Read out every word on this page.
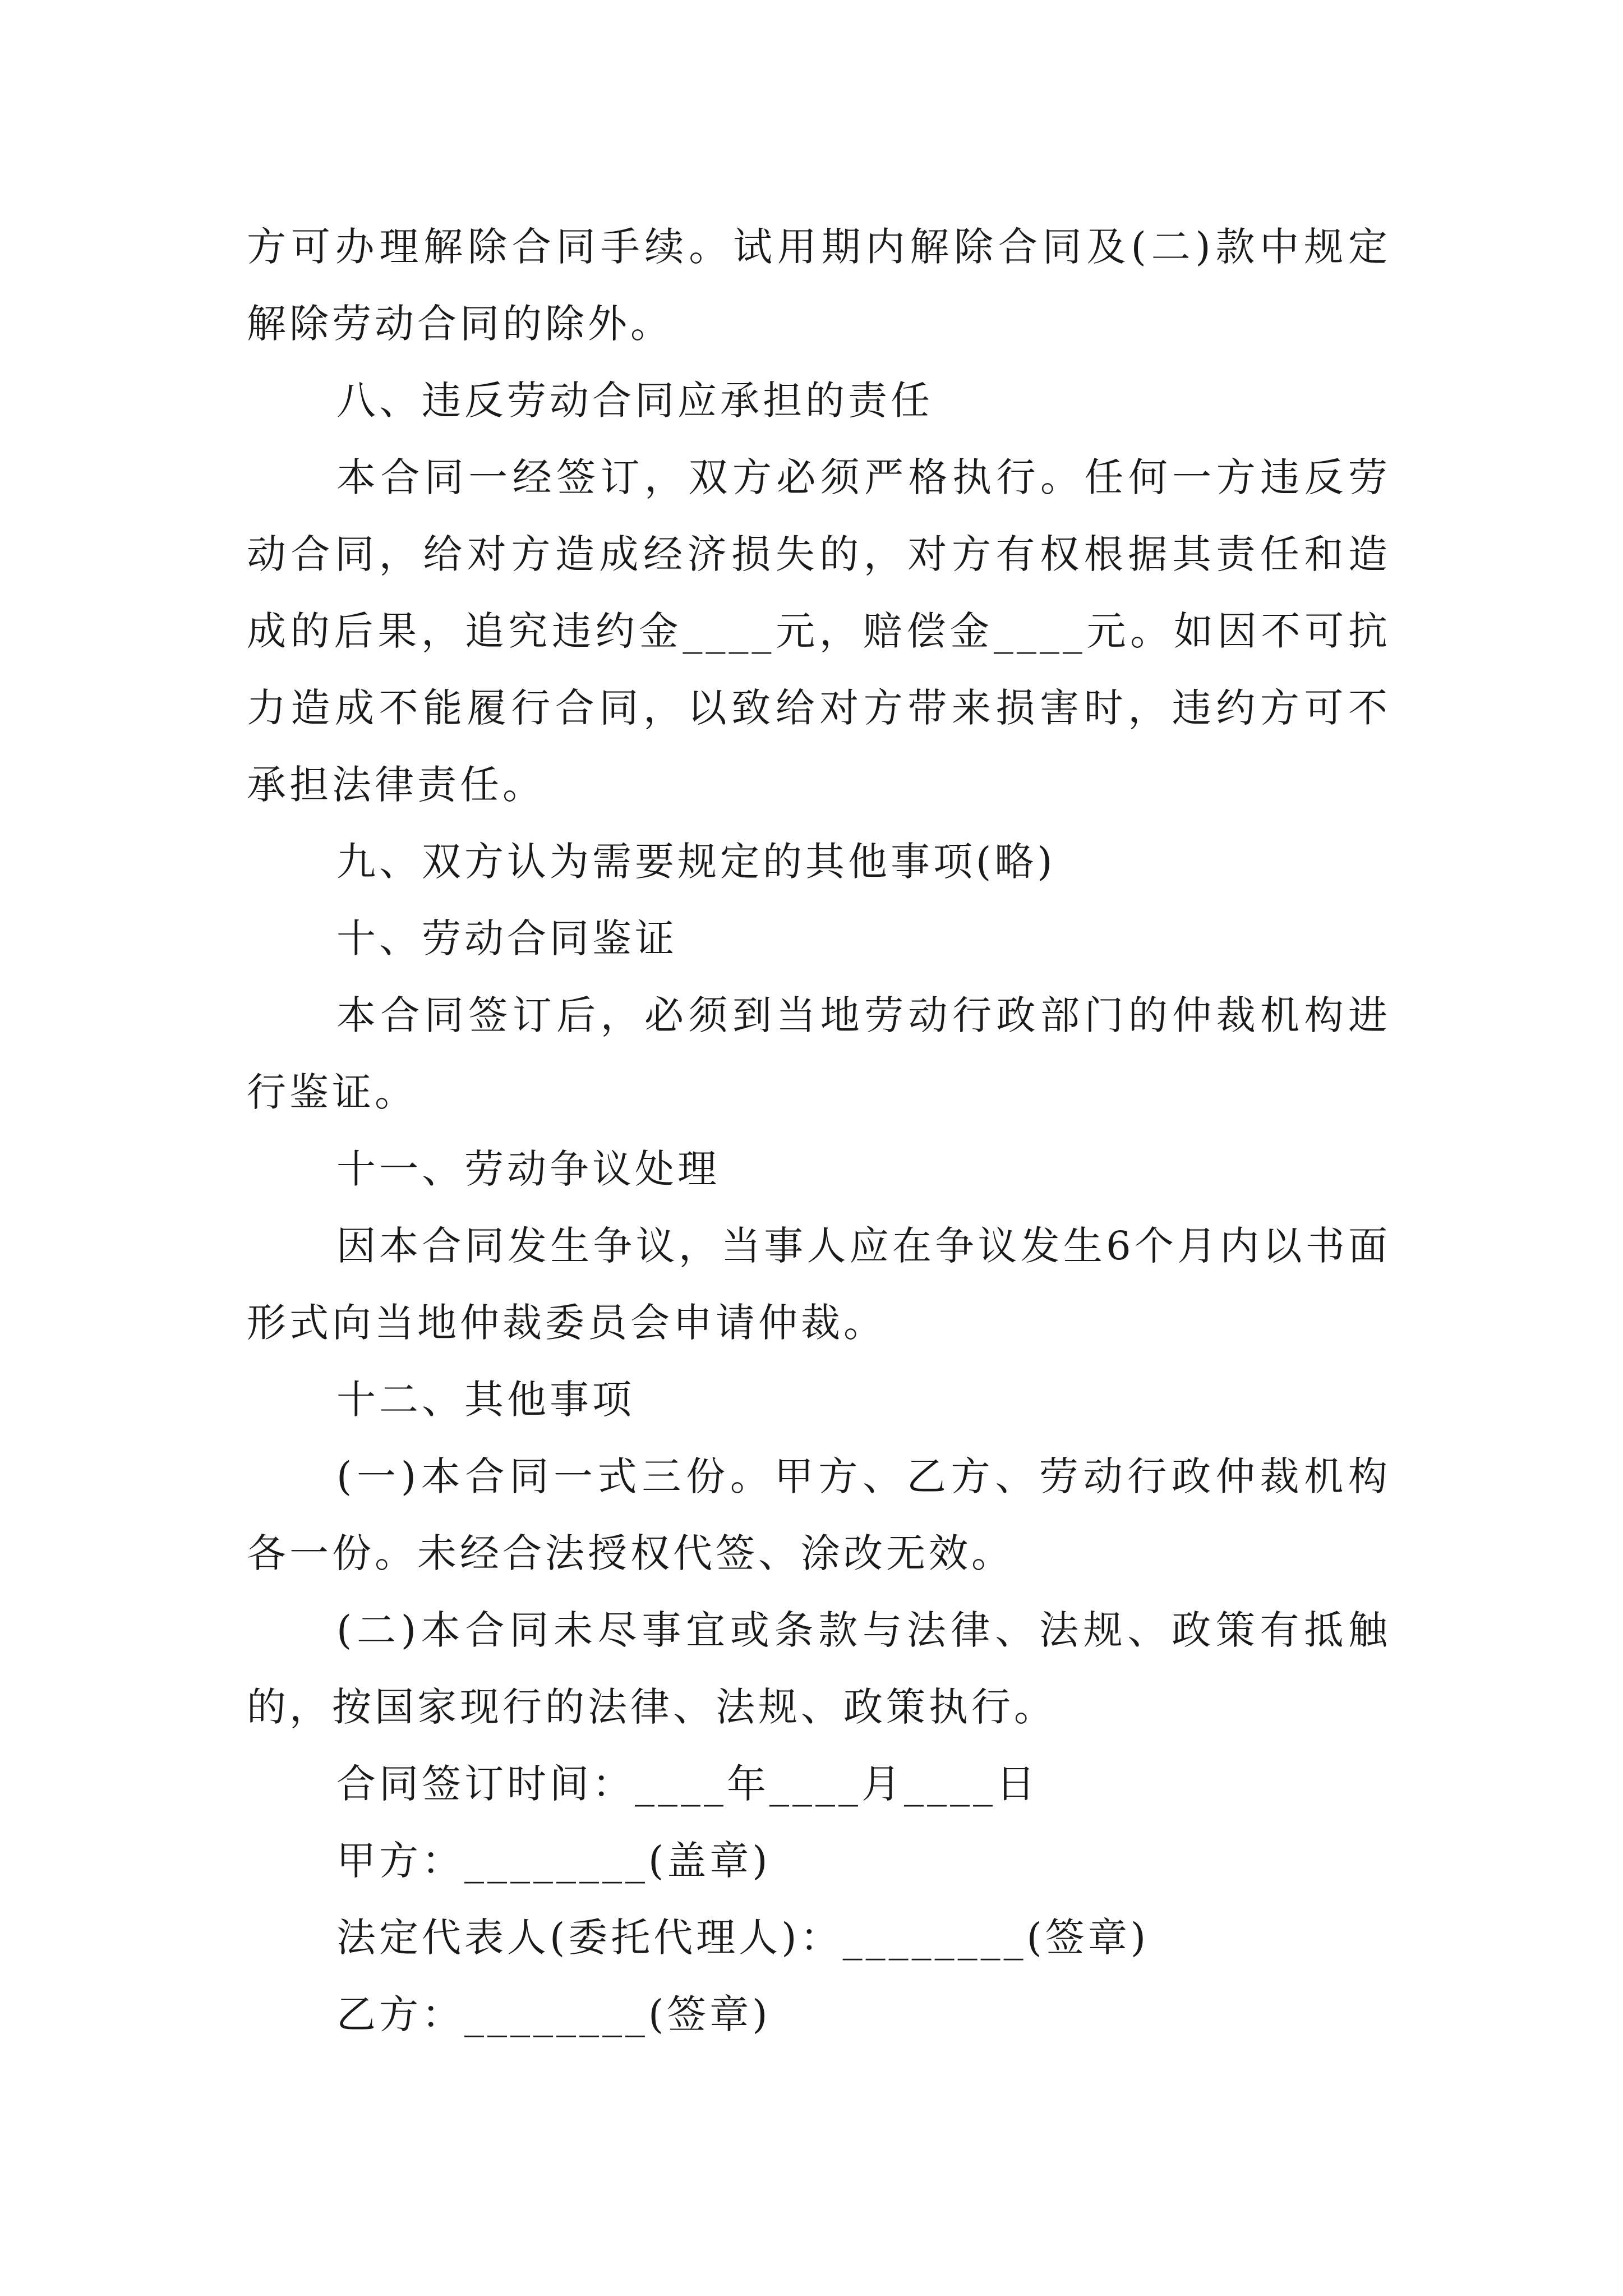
方可办理解除合同手续。试用期内解除合同及(二)款中规定解除劳动合同的除外。

八、违反劳动合同应承担的责任

本合同一经签订，双方必须严格执行。任何一方违反劳动合同，给对方造成经济损失的，对方有权根据其责任和造成的后果，追究违约金____元，赔偿金____元。如因不可抗力造成不能履行合同，以致给对方带来损害时，违约方可不承担法律责任。

九、双方认为需要规定的其他事项(略)

十、劳动合同鉴证

本合同签订后，必须到当地劳动行政部门的仲裁机构进行鉴证。

十一、劳动争议处理

因本合同发生争议，当事人应在争议发生6个月内以书面形式向当地仲裁委员会申请仲裁。

十二、其他事项

(一)本合同一式三份。甲方、乙方、劳动行政仲裁机构各一份。未经合法授权代签、涂改无效。

(二)本合同未尽事宜或条款与法律、法规、政策有抵触的，按国家现行的法律、法规、政策执行。

合同签订时间：____年____月____日

甲方：________(盖章)

法定代表人(委托代理人)：________(签章)

乙方：________(签章)
